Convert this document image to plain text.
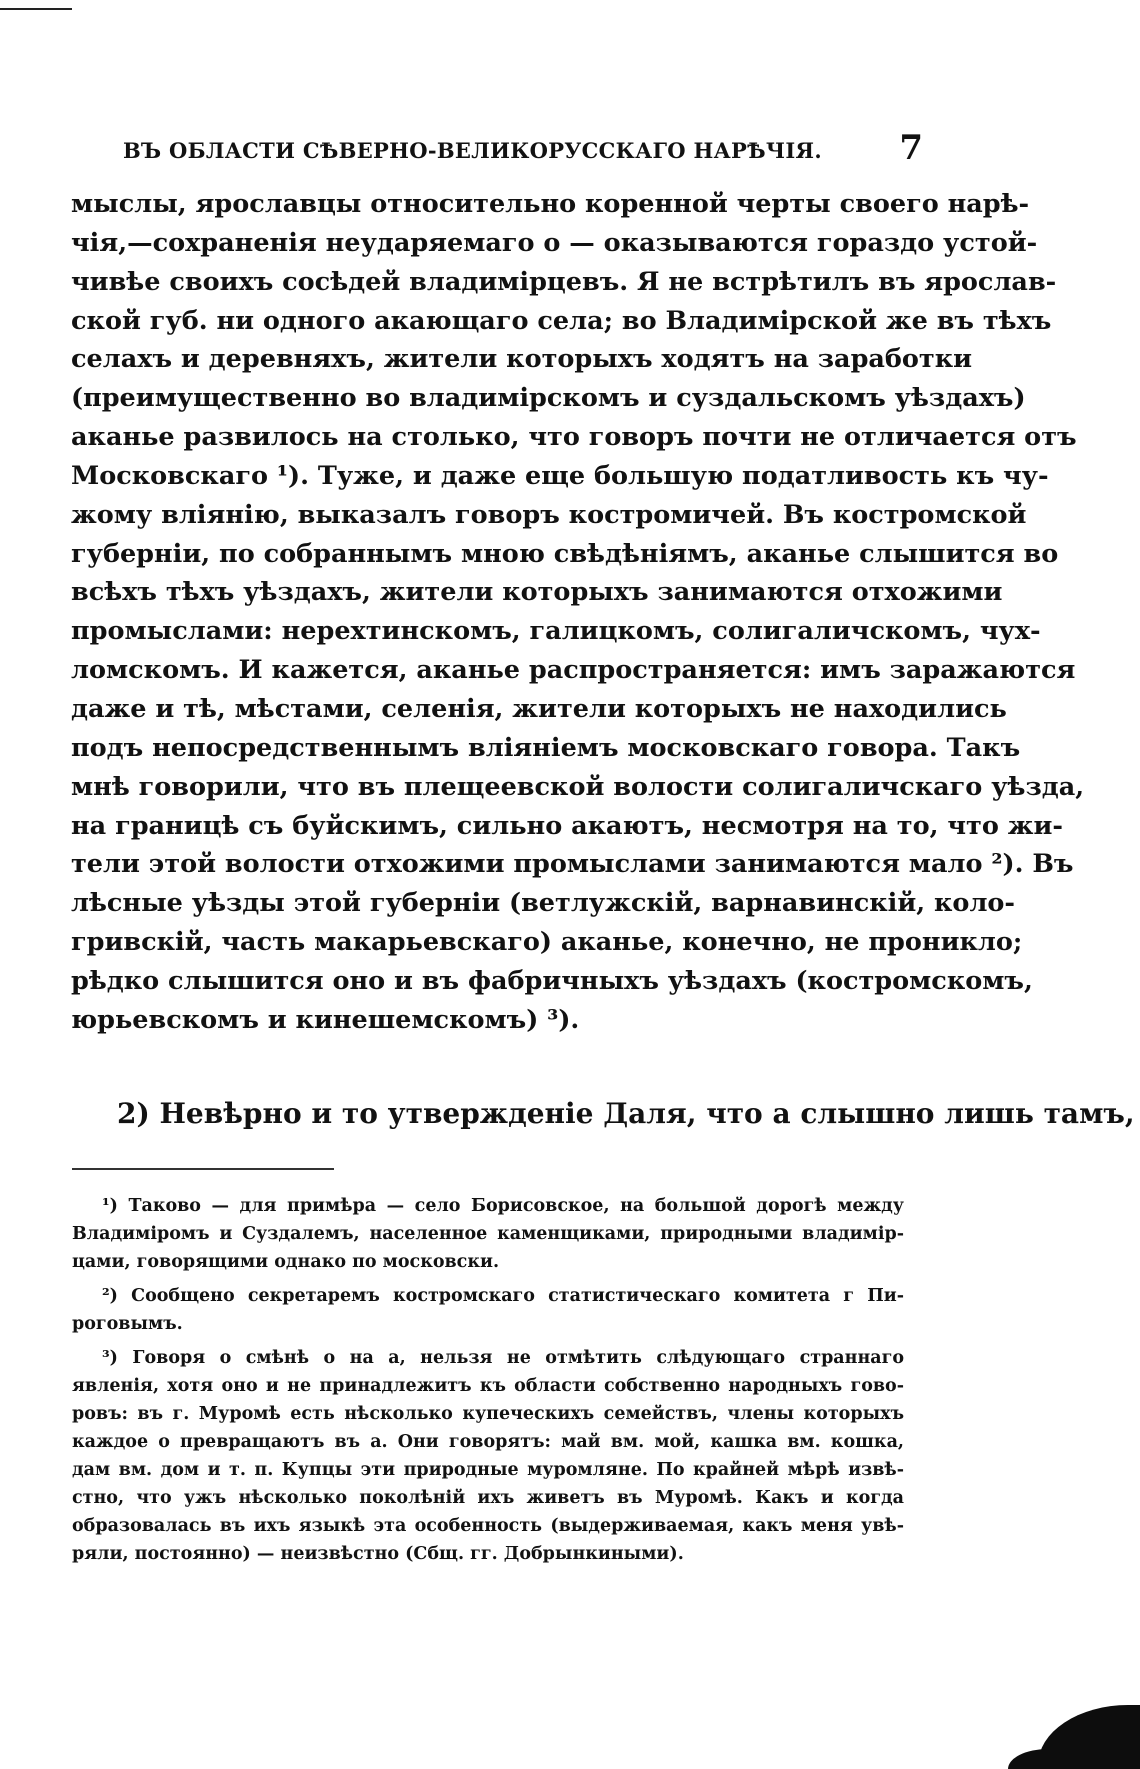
ВЪ ОБЛАСТИ СѢВЕРНО-ВЕЛИКОРУССКАГО НАРѢЧІЯ. 7
мыслы, ярославцы относительно коренной черты своего нарѣ-
чія,—сохраненія неударяемаго о — оказываются гораздо устой-
чивѣе своихъ сосѣдей владимірцевъ. Я не встрѣтилъ въ ярослав-
ской губ. ни одного акающаго села; во Владимірской же въ тѣхъ
селахъ и деревняхъ, жители которыхъ ходятъ на заработки
(преимущественно во владимірскомъ и суздальскомъ уѣздахъ)
аканье развилось на столько, что говоръ почти не отличается отъ
Московскаго ¹). Туже, и даже еще большую податливость къ чу-
жому вліянію, выказалъ говоръ костромичей. Въ костромской
губерніи, по собраннымъ мною свѣдѣніямъ, аканье слышится во
всѣхъ тѣхъ уѣздахъ, жители которыхъ занимаются отхожими
промыслами: нерехтинскомъ, галицкомъ, солигаличскомъ, чух-
ломскомъ. И кажется, аканье распространяется: имъ заражаются
даже и тѣ, мѣстами, селенія, жители которыхъ не находились
подъ непосредственнымъ вліяніемъ московскаго говора. Такъ
мнѣ говорили, что въ плещеевской волости солигаличскаго уѣзда,
на границѣ съ буйскимъ, сильно акаютъ, несмотря на то, что жи-
тели этой волости отхожими промыслами занимаются мало ²). Въ
лѣсные уѣзды этой губерніи (ветлужскій, варнавинскій, коло-
гривскій, часть макарьевскаго) аканье, конечно, не проникло;
рѣдко слышится оно и въ фабричныхъ уѣздахъ (костромскомъ,
юрьевскомъ и кинешемскомъ) ³).
2) Невѣрно и то утвержденіе Даля, что а слышно лишь тамъ,
¹) Таково — для примѣра — село Борисовское, на большой дорогѣ между
Владиміромъ и Суздалемъ, населенное каменщиками, природными владимір-
цами, говорящими однако по московски.
²) Сообщено секретаремъ костромскаго статистическаго комитета г Пи-
роговымъ.
³) Говоря о смѣнѣ о на а, нельзя не отмѣтить слѣдующаго страннаго
явленія, хотя оно и не принадлежитъ къ области собственно народныхъ гово-
ровъ: въ г. Муромѣ есть нѣсколько купеческихъ семействъ, члены которыхъ
каждое о превращаютъ въ а. Они говорятъ: май вм. мой, кашка вм. кошка,
дам вм. дом и т. п. Купцы эти природные муромляне. По крайней мѣрѣ извѣ-
стно, что ужъ нѣсколько поколѣній ихъ живетъ въ Муромѣ. Какъ и когда
образовалась въ ихъ языкѣ эта особенность (выдерживаемая, какъ меня увѣ-
ряли, постоянно) — неизвѣстно (Сбщ. гг. Добрынкиными).
